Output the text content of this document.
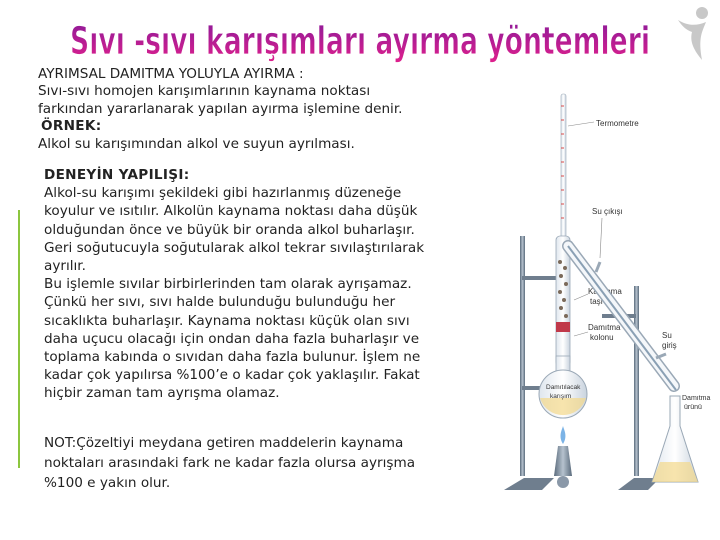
Sıvı -sıvı karışımları ayırma yöntemleri

AYRIMSAL DAMITMA YOLUYLA AYIRMA :

Sıvı-sıvı homojen karışımlarının kaynama noktası

farkından yararlanarak yapılan ayırma işlemine denir.

ÖRNEK:

Alkol su karışımından alkol ve suyun ayrılması.

DENEYİN YAPILIŞI:

Alkol-su karışımı şekildeki gibi hazırlanmış düzeneğe

koyulur ve ısıtılır. Alkolün kaynama noktası daha düşük

olduğundan önce ve büyük bir oranda alkol buharlaşır.

Geri soğutucuyla soğutularak alkol tekrar sıvılaştırılarak

ayrılır.

Bu işlemle sıvılar birbirlerinden tam olarak ayrışamaz.

Çünkü her sıvı, sıvı halde bulunduğu bulunduğu her

sıcaklıkta buharlaşır. Kaynama noktası küçük olan sıvı

daha uçucu olacağı için ondan daha fazla buharlaşır ve

toplama kabında o sıvıdan daha fazla bulunur. İşlem ne

kadar çok yapılırsa %100’e o kadar çok yaklaşılır. Fakat

hiçbir zaman tam ayrışma olamaz.

NOT:Çözeltiyi meydana getiren maddelerin kaynama

noktaları arasındaki fark ne kadar fazla olursa ayrışma

%100 e yakın olur.

Termometre
Kaynama
taşı
Damıtma
kolonu
Su çıkışı
Su
giriş
Damıtılacak
karışım	Damıtma
ürünü
